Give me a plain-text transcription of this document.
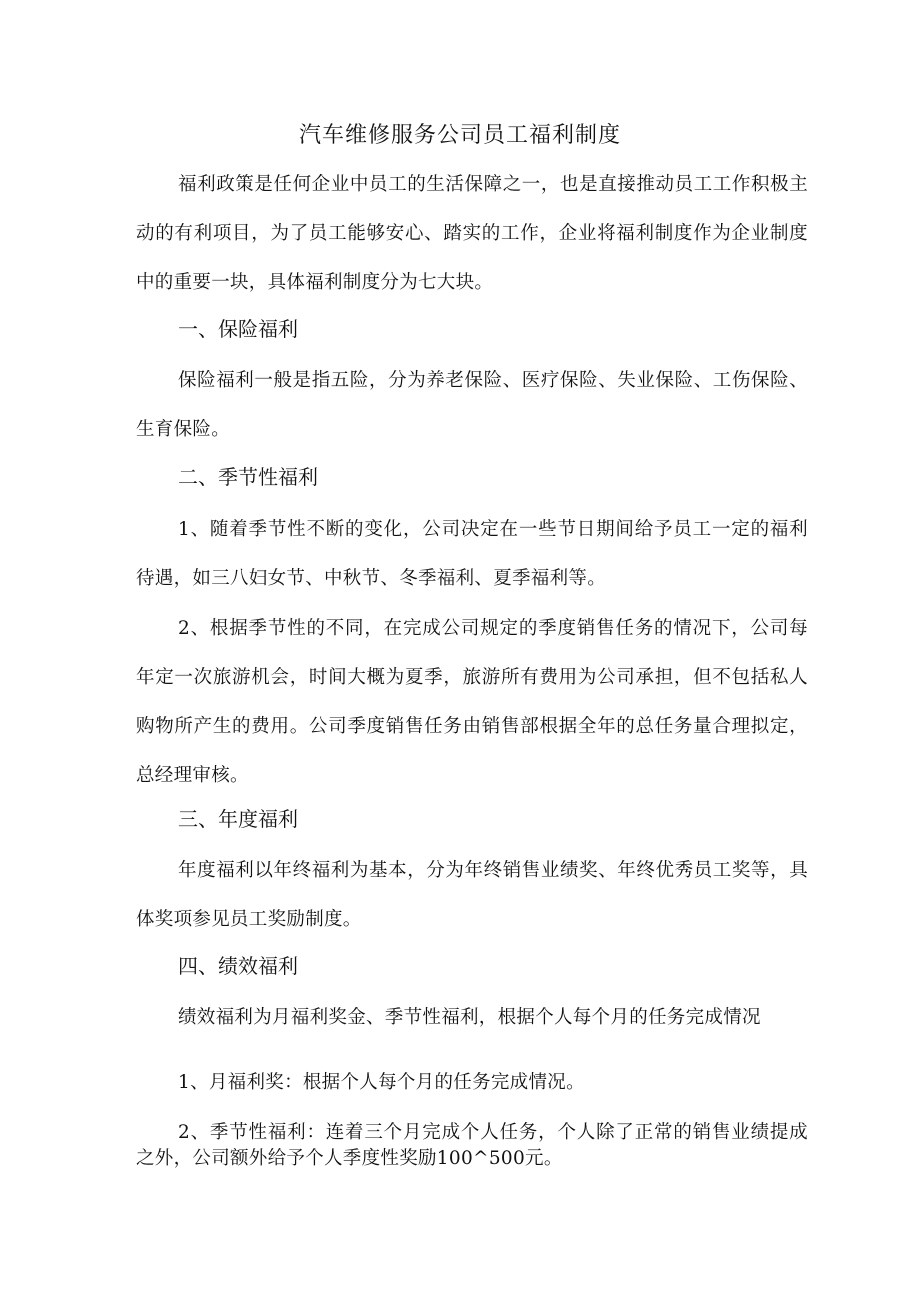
汽车维修服务公司员工福利制度

福利政策是任何企业中员工的生活保障之一，也是直接推动员工工作积极主动的有利项目，为了员工能够安心、踏实的工作，企业将福利制度作为企业制度中的重要一块，具体福利制度分为七大块。

一、保险福利

保险福利一般是指五险，分为养老保险、医疗保险、失业保险、工伤保险、生育保险。

二、季节性福利

1、随着季节性不断的变化，公司决定在一些节日期间给予员工一定的福利待遇，如三八妇女节、中秋节、冬季福利、夏季福利等。

2、根据季节性的不同，在完成公司规定的季度销售任务的情况下，公司每年定一次旅游机会，时间大概为夏季，旅游所有费用为公司承担，但不包括私人购物所产生的费用。公司季度销售任务由销售部根据全年的总任务量合理拟定，总经理审核。

三、年度福利

年度福利以年终福利为基本，分为年终销售业绩奖、年终优秀员工奖等，具体奖项参见员工奖励制度。

四、绩效福利

绩效福利为月福利奖金、季节性福利，根据个人每个月的任务完成情况

1、月福利奖：根据个人每个月的任务完成情况。

2、季节性福利：连着三个月完成个人任务，个人除了正常的销售业绩提成之外，公司额外给予个人季度性奖励100^500元。
